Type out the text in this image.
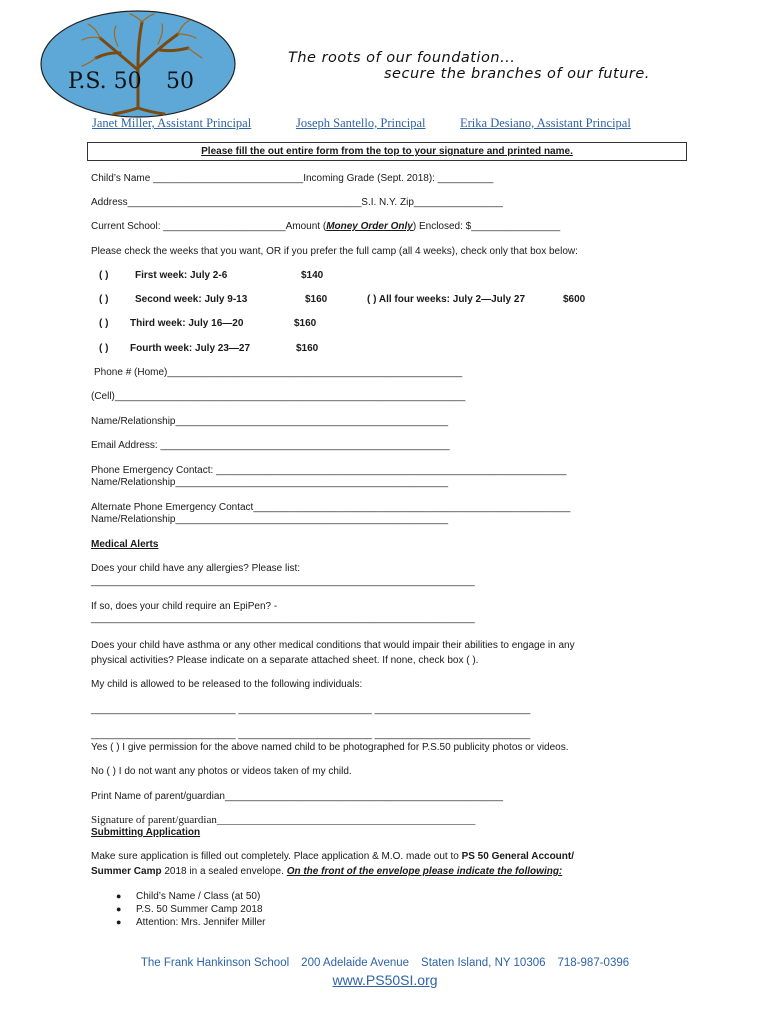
P.S. 50 50
The roots of our foundation...
secure the branches of our future.
Janet Miller, Assistant Principal	Joseph Santello, Principal	Erika Desiano, Assistant Principal
Please fill the out entire form from the top to your signature and printed name.
Child’s Name ___________________________Incoming Grade (Sept. 2018): __________
Address__________________________________________S.I. N.Y. Zip________________
Current School: ______________________Amount (Money Order Only) Enclosed: $________________
Please check the weeks that you want, OR if you prefer the full camp (all 4 weeks), check only that box below:
( )	First week: July 2-6	$140
( )	Second week: July 9-13	$160	( ) All four weeks: July 2—July 27	$600
( ) Third week: July 16—20	$160
( ) Fourth week: July 23—27	$160
Phone # (Home)_____________________________________________________
(Cell)_______________________________________________________________
Name/Relationship_________________________________________________
Email Address: ____________________________________________________
Phone Emergency Contact: _______________________________________________________________
Name/Relationship_________________________________________________
Alternate Phone Emergency Contact_________________________________________________________
Name/Relationship_________________________________________________
Medical Alerts
Does your child have any allergies? Please list:
_____________________________________________________________________
If so, does your child require an EpiPen? -
_____________________________________________________________________
Does your child have asthma or any other medical conditions that would impair their abilities to engage in any
physical activities? Please indicate on a separate attached sheet. If none, check box ( ).
My child is allowed to be released to the following individuals:
__________________________ ________________________ ____________________________
__________________________ ________________________ ____________________________
Yes ( ) I give permission for the above named child to be photographed for P.S.50 publicity photos or videos.
No ( ) I do not want any photos or videos taken of my child.
Print Name of parent/guardian__________________________________________________
Signature of parent/guardian_______________________________________________
Submitting Application
Make sure application is filled out completely. Place application & M.O. made out to PS 50 General Account/
Summer Camp 2018 in a sealed envelope. On the front of the envelope please indicate the following:
● Child’s Name / Class (at 50)
● P.S. 50 Summer Camp 2018
● Attention: Mrs. Jennifer Miller
The Frank Hankinson School 200 Adelaide Avenue Staten Island, NY 10306 718-987-0396
www.PS50SI.org
